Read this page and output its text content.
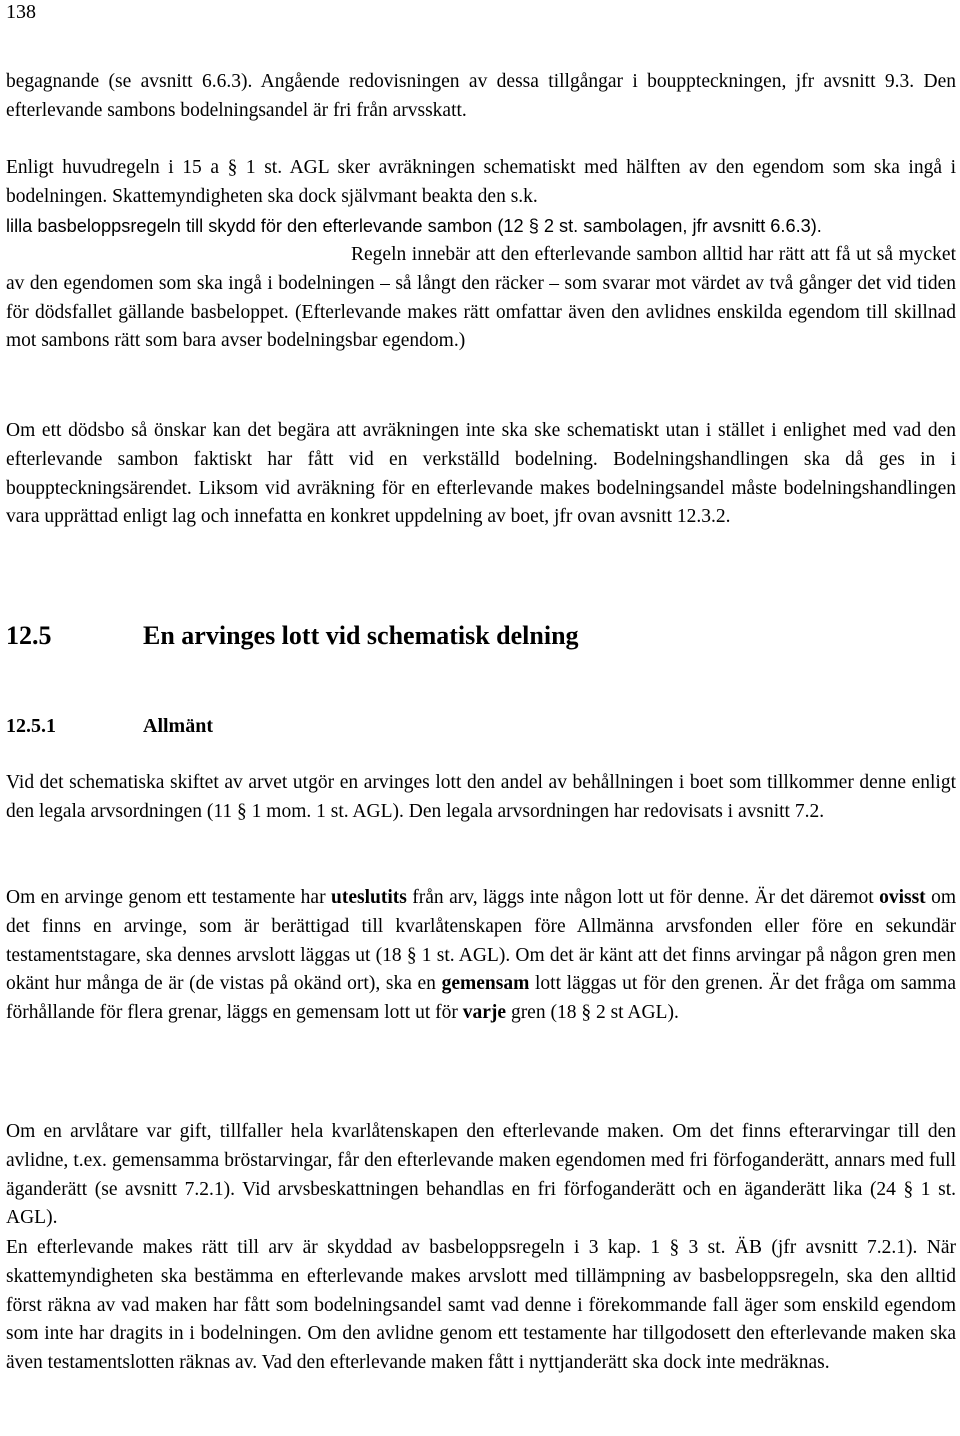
138

begagnande (se avsnitt 6.6.3). Angående redovisningen av dessa tillgångar i bouppteckningen, jfr avsnitt 9.3. Den efterlevande sambons bodelningsandel är fri från arvsskatt.

Enligt huvudregeln i 15 a § 1 st. AGL sker avräkningen schematiskt med hälften av den egendom som ska ingå i bodelningen. Skattemyndigheten ska dock självmant beakta den s.k.

lilla basbeloppsregeln till skydd för den efterlevande sambon (12 § 2 st. sambolagen, jfr avsnitt 6.6.3).

Regeln innebär att den efterlevande sambon alltid har rätt att få ut så mycket av den egendomen som ska ingå i bodelningen – så långt den räcker – som svarar mot värdet av två gånger det vid tiden för dödsfallet gällande basbeloppet. (Efterlevande makes rätt omfattar även den avlidnes enskilda egendom till skillnad mot sambons rätt som bara avser bodelningsbar egendom.)

Om ett dödsbo så önskar kan det begära att avräkningen inte ska ske schematiskt utan i stället i enlighet med vad den efterlevande sambon faktiskt har fått vid en verkställd bodelning. Bodelningshandlingen ska då ges in i bouppteckningsärendet. Liksom vid avräkning för en efterlevande makes bodelningsandel måste bodelningshandlingen vara upprättad enligt lag och innefatta en konkret uppdelning av boet, jfr ovan avsnitt 12.3.2.

12.5	En arvinges lott vid schematisk delning
12.5.1	Allmänt

Vid det schematiska skiftet av arvet utgör en arvinges lott den andel av behållningen i boet som tillkommer denne enligt den legala arvsordningen (11 § 1 mom. 1 st. AGL). Den legala arvsordningen har redovisats i avsnitt 7.2.

Om en arvinge genom ett testamente har uteslutits från arv, läggs inte någon lott ut för denne. Är det däremot ovisst om det finns en arvinge, som är berättigad till kvarlåtenskapen före Allmänna arvsfonden eller före en sekundär testamentstagare, ska dennes arvslott läggas ut (18 § 1 st. AGL). Om det är känt att det finns arvingar på någon gren men okänt hur många de är (de vistas på okänd ort), ska en gemensam lott läggas ut för den grenen. Är det fråga om samma förhållande för flera grenar, läggs en gemensam lott ut för varje gren (18 § 2 st AGL).

Om en arvlåtare var gift, tillfaller hela kvarlåtenskapen den efterlevande maken. Om det finns efterarvingar till den avlidne, t.ex. gemensamma bröstarvingar, får den efterlevande maken egendomen med fri förfoganderätt, annars med full äganderätt (se avsnitt 7.2.1). Vid arvsbeskattningen behandlas en fri förfoganderätt och en äganderätt lika (24 § 1 st. AGL).

En efterlevande makes rätt till arv är skyddad av basbeloppsregeln i 3 kap. 1 § 3 st. ÄB (jfr avsnitt 7.2.1). När skattemyndigheten ska bestämma en efterlevande makes arvslott med tillämpning av basbeloppsregeln, ska den alltid först räkna av vad maken har fått som bodelningsandel samt vad denne i förekommande fall äger som enskild egendom som inte har dragits in i bodelningen. Om den avlidne genom ett testamente har tillgodosett den efterlevande maken ska även testamentslotten räknas av. Vad den efterlevande maken fått i nyttjanderätt ska dock inte medräknas.
